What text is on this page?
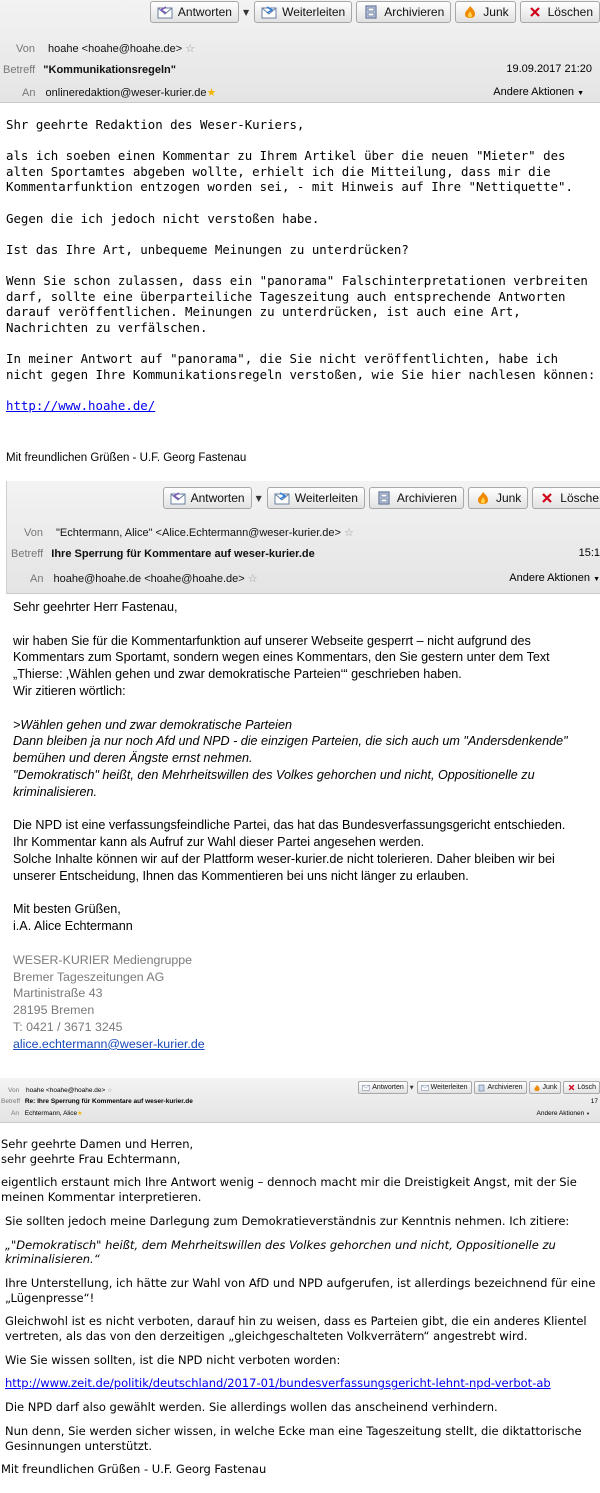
Antworten ▼	Weiterleiten	Archivieren	Junk	Löschen
Von hoahe <hoahe@hoahe.de> ☆
Betreff "Kommunikationsregeln"	19.09.2017 21:20
An onlineredaktion@weser-kurier.de★	Andere Aktionen ▼

Shr geehrte Redaktion des Weser-Kuriers,

als ich soeben einen Kommentar zu Ihrem Artikel über die neuen "Mieter" des alten Sportamtes abgeben wollte, erhielt ich die Mitteilung, dass mir die Kommentarfunktion entzogen worden sei, - mit Hinweis auf Ihre "Nettiquette".

Gegen die ich jedoch nicht verstoßen habe.

Ist das Ihre Art, unbequeme Meinungen zu unterdrücken?

Wenn Sie schon zulassen, dass ein "panorama" Falschinterpretationen verbreiten darf, sollte eine überparteiliche Tageszeitung auch entsprechende Antworten darauf veröffentlichen. Meinungen zu unterdrücken, ist auch eine Art, Nachrichten zu verfälschen.

In meiner Antwort auf "panorama", die Sie nicht veröffentlichten, habe ich nicht gegen Ihre Kommunikationsregeln verstoßen, wie Sie hier nachlesen können:

http://www.hoahe.de/

Mit freundlichen Grüßen - U.F. Georg Fastenau
Antworten ▼	Weiterleiten	Archivieren	Junk	Lösche
Von "Echtermann, Alice" <Alice.Echtermann@weser-kurier.de> ☆
Betreff Ihre Sperrung für Kommentare auf weser-kurier.de	15:1
An hoahe@hoahe.de <hoahe@hoahe.de> ☆	Andere Aktionen ▼

Sehr geehrter Herr Fastenau,

wir haben Sie für die Kommentarfunktion auf unserer Webseite gesperrt – nicht aufgrund des Kommentars zum Sportamt, sondern wegen eines Kommentars, den Sie gestern unter dem Text „Thierse: ‚Wählen gehen und zwar demokratische Parteien‘“ geschrieben haben.

Wir zitieren wörtlich:

>Wählen gehen und zwar demokratische Parteien
Dann bleiben ja nur noch Afd und NPD - die einzigen Parteien, die sich auch um "Andersdenkende" bemühen und deren Ängste ernst nehmen.
"Demokratisch" heißt, den Mehrheitswillen des Volkes gehorchen und nicht, Oppositionelle zu kriminalisieren.

Die NPD ist eine verfassungsfeindliche Partei, das hat das Bundesverfassungsgericht entschieden.
Ihr Kommentar kann als Aufruf zur Wahl dieser Partei angesehen werden.
Solche Inhalte können wir auf der Plattform weser-kurier.de nicht tolerieren. Daher bleiben wir bei unserer Entscheidung, Ihnen das Kommentieren bei uns nicht länger zu erlauben.

Mit besten Grüßen,
i.A. Alice Echtermann

WESER-KURIER Mediengruppe
Bremer Tageszeitungen AG
Martinistraße 43
28195 Bremen
T: 0421 / 3671 3245
alice.echtermann@weser-kurier.de
Antworten ▼ Weiterleiten	Archivieren	Junk	Lösch
Von hoahe <hoahe@hoahe.de> ☆
Betreff Re: Ihre Sperrung für Kommentare auf weser-kurier.de	17
An Echtermann, Alice★	Andere Aktionen ▼
Sehr geehrte Damen und Herren,
sehr geehrte Frau Echtermann,
eigentlich erstaunt mich Ihre Antwort wenig – dennoch macht mir die Dreistigkeit Angst, mit der Sie meinen Kommentar interpretieren.
Sie sollten jedoch meine Darlegung zum Demokratieverständnis zur Kenntnis nehmen. Ich zitiere:
„"Demokratisch" heißt, dem Mehrheitswillen des Volkes gehorchen und nicht, Oppositionelle zu kriminalisieren.“
Ihre Unterstellung, ich hätte zur Wahl von AfD und NPD aufgerufen, ist allerdings bezeichnend für eine „Lügenpresse“!
Gleichwohl ist es nicht verboten, darauf hin zu weisen, dass es Parteien gibt, die ein anderes Klientel vertreten, als das von den derzeitigen „gleichgeschalteten Volkverrätern“ angestrebt wird.
Wie Sie wissen sollten, ist die NPD nicht verboten worden:
http://www.zeit.de/politik/deutschland/2017-01/bundesverfassungsgericht-lehnt-npd-verbot-ab
Die NPD darf also gewählt werden. Sie allerdings wollen das anscheinend verhindern.
Nun denn, Sie werden sicher wissen, in welche Ecke man eine Tageszeitung stellt, die diktattorische Gesinnungen unterstützt.
Mit freundlichen Grüßen - U.F. Georg Fastenau
